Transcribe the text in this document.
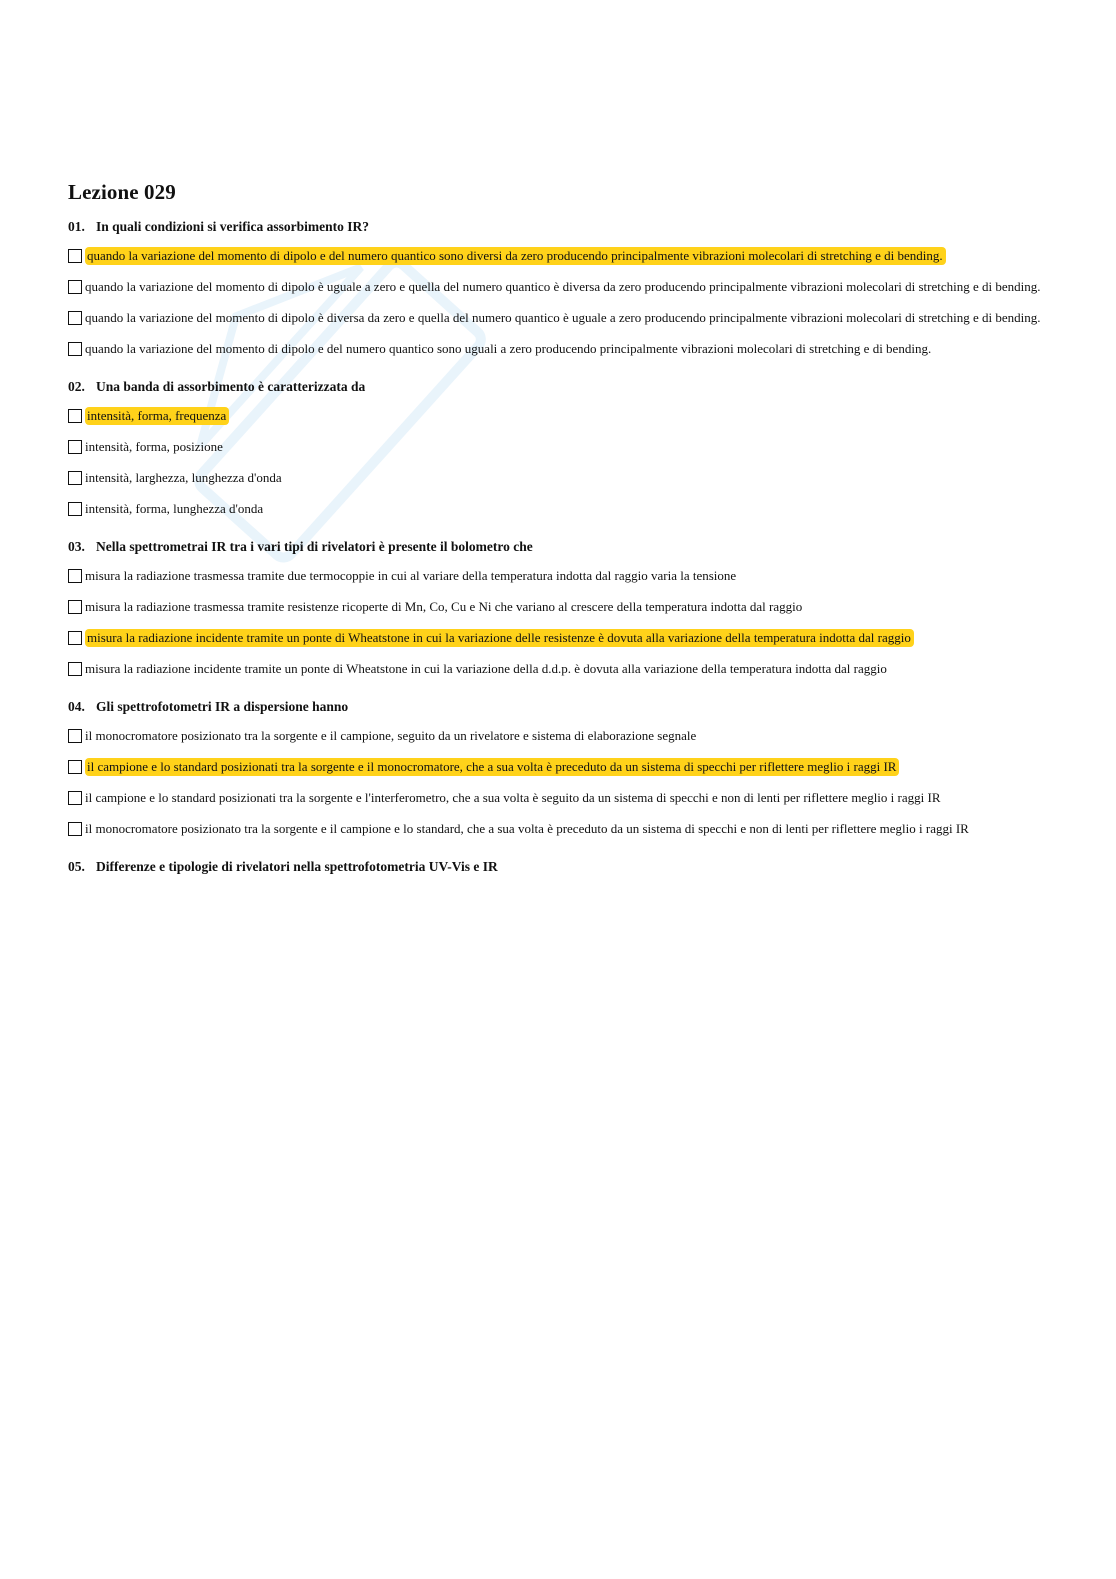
Lezione 029
01. In quali condizioni si verifica assorbimento IR?
quando la variazione del momento di dipolo e del numero quantico sono diversi da zero producendo principalmente vibrazioni molecolari di stretching e di bending.
quando la variazione del momento di dipolo è uguale a zero e quella del numero quantico è diversa da zero producendo principalmente vibrazioni molecolari di stretching e di bending.
quando la variazione del momento di dipolo è diversa da zero e quella del numero quantico è uguale a zero producendo principalmente vibrazioni molecolari di stretching e di bending.
quando la variazione del momento di dipolo e del numero quantico sono uguali a zero producendo principalmente vibrazioni molecolari di stretching e di bending.
02. Una banda di assorbimento è caratterizzata da
intensità, forma, frequenza
intensità, forma, posizione
intensità, larghezza, lunghezza d'onda
intensità, forma, lunghezza d'onda
03. Nella spettrometrai IR tra i vari tipi di rivelatori è presente il bolometro che
misura la radiazione trasmessa tramite due termocoppie in cui al variare della temperatura indotta dal raggio varia la tensione
misura la radiazione trasmessa tramite resistenze ricoperte di Mn, Co, Cu e Ni che variano al crescere della temperatura indotta dal raggio
misura la radiazione incidente tramite un ponte di Wheatstone in cui la variazione delle resistenze è dovuta alla variazione della temperatura indotta dal raggio
misura la radiazione incidente tramite un ponte di Wheatstone in cui la variazione della d.d.p. è dovuta alla variazione della temperatura indotta dal raggio
04. Gli spettrofotometri IR a dispersione hanno
il monocromatore posizionato tra la sorgente e il campione, seguito da un rivelatore e sistema di elaborazione segnale
il campione e lo standard posizionati tra la sorgente e il monocromatore, che a sua volta è preceduto da un sistema di specchi per riflettere meglio i raggi IR
il campione e lo standard posizionati tra la sorgente e l'interferometro, che a sua volta è seguito da un sistema di specchi e non di lenti per riflettere meglio i raggi IR
il monocromatore posizionato tra la sorgente e il campione e lo standard, che a sua volta è preceduto da un sistema di specchi e non di lenti per riflettere meglio i raggi IR
05. Differenze e tipologie di rivelatori nella spettrofotometria UV-Vis e IR
